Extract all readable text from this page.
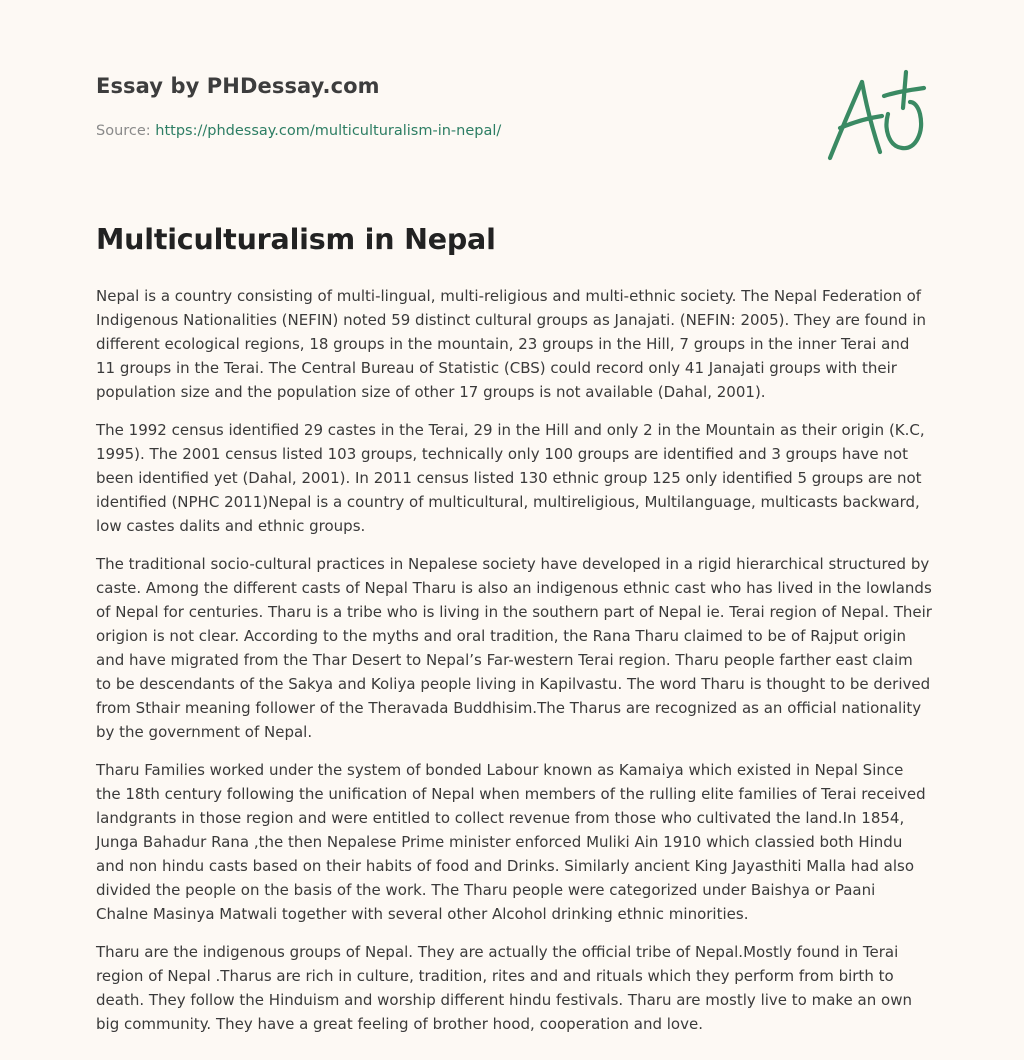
Essay by PHDessay.com
Source: https://phdessay.com/multiculturalism-in-nepal/
Multiculturalism in Nepal

Nepal is a country consisting of multi-lingual, multi-religious and multi-ethnic society. The Nepal Federation of Indigenous Nationalities (NEFIN) noted 59 distinct cultural groups as Janajati. (NEFIN: 2005). They are found in different ecological regions, 18 groups in the mountain, 23 groups in the Hill, 7 groups in the inner Terai and 11 groups in the Terai. The Central Bureau of Statistic (CBS) could record only 41 Janajati groups with their population size and the population size of other 17 groups is not available (Dahal, 2001).

The 1992 census identified 29 castes in the Terai, 29 in the Hill and only 2 in the Mountain as their origin (K.C, 1995). The 2001 census listed 103 groups, technically only 100 groups are identified and 3 groups have not been identified yet (Dahal, 2001). In 2011 census listed 130 ethnic group 125 only identified 5 groups are not identified (NPHC 2011)Nepal is a country of multicultural, multireligious, Multilanguage, multicasts backward, low castes dalits and ethnic groups.

The traditional socio-cultural practices in Nepalese society have developed in a rigid hierarchical structured by caste. Among the different casts of Nepal Tharu is also an indigenous ethnic cast who has lived in the lowlands of Nepal for centuries. Tharu is a tribe who is living in the southern part of Nepal ie. Terai region of Nepal. Their origion is not clear. According to the myths and oral tradition, the Rana Tharu claimed to be of Rajput origin and have migrated from the Thar Desert to Nepal’s Far-western Terai region. Tharu people farther east claim to be descendants of the Sakya and Koliya people living in Kapilvastu. The word Tharu is thought to be derived from Sthair meaning follower of the Theravada Buddhisim.The Tharus are recognized as an official nationality by the government of Nepal.

Tharu Families worked under the system of bonded Labour known as Kamaiya which existed in Nepal Since the 18th century following the unification of Nepal when members of the rulling elite families of Terai received landgrants in those region and were entitled to collect revenue from those who cultivated the land.In 1854, Junga Bahadur Rana ,the then Nepalese Prime minister enforced Muliki Ain 1910 which classied both Hindu and non hindu casts based on their habits of food and Drinks. Similarly ancient King Jayasthiti Malla had also divided the people on the basis of the work. The Tharu people were categorized under Baishya or Paani Chalne Masinya Matwali together with several other Alcohol drinking ethnic minorities.

Tharu are the indigenous groups of Nepal. They are actually the official tribe of Nepal.Mostly found in Terai region of Nepal .Tharus are rich in culture, tradition, rites and and rituals which they perform from birth to death. They follow the Hinduism and worship different hindu festivals. Tharu are mostly live to make an own big community. They have a great feeling of brother hood, cooperation and love.
